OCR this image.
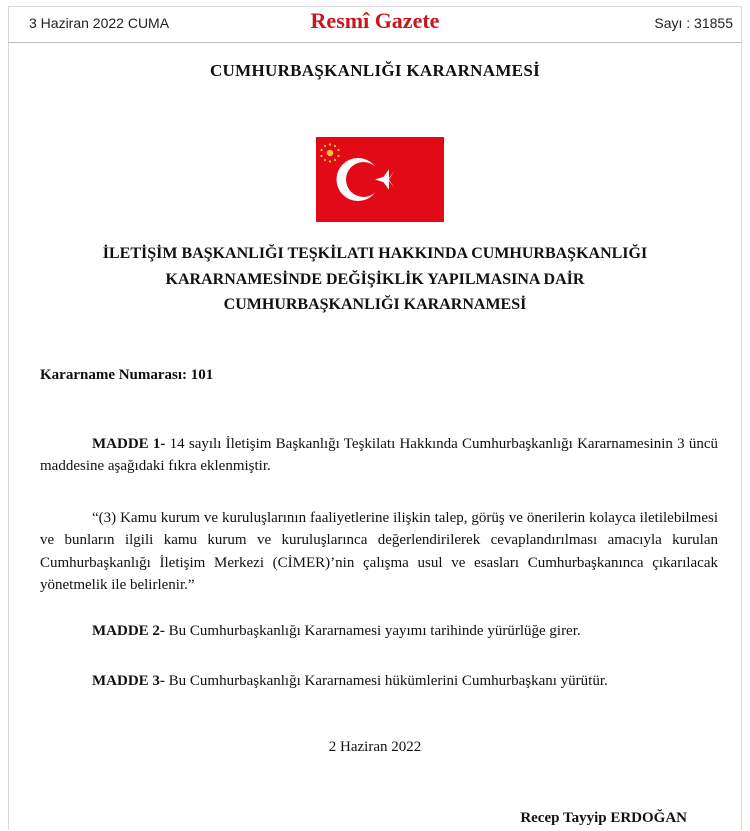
3 Haziran 2022 CUMA	Resmî Gazete	Sayı : 31855
CUMHURBAŞKANLIĞI KARARNAMESİ
İLETİŞİM BAŞKANLIĞI TEŞKİLATI HAKKINDA CUMHURBAŞKANLIĞI
KARARNAMESİNDE DEĞİŞİKLİK YAPILMASINA DAİR
CUMHURBAŞKANLIĞI KARARNAMESİ
Kararname Numarası: 101
MADDE 1- 14 sayılı İletişim Başkanlığı Teşkilatı Hakkında Cumhurbaşkanlığı Kararnamesinin 3 üncü maddesine aşağıdaki fıkra eklenmiştir.
“(3) Kamu kurum ve kuruluşlarının faaliyetlerine ilişkin talep, görüş ve önerilerin kolayca iletilebilmesi ve bunların ilgili kamu kurum ve kuruluşlarınca değerlendirilerek cevaplandırılması amacıyla kurulan Cumhurbaşkanlığı İletişim Merkezi (CİMER)’nin çalışma usul ve esasları Cumhurbaşkanınca çıkarılacak yönetmelik ile belirlenir.”
MADDE 2- Bu Cumhurbaşkanlığı Kararnamesi yayımı tarihinde yürürlüğe girer.
MADDE 3- Bu Cumhurbaşkanlığı Kararnamesi hükümlerini Cumhurbaşkanı yürütür.
2 Haziran 2022
Recep Tayyip ERDOĞAN
